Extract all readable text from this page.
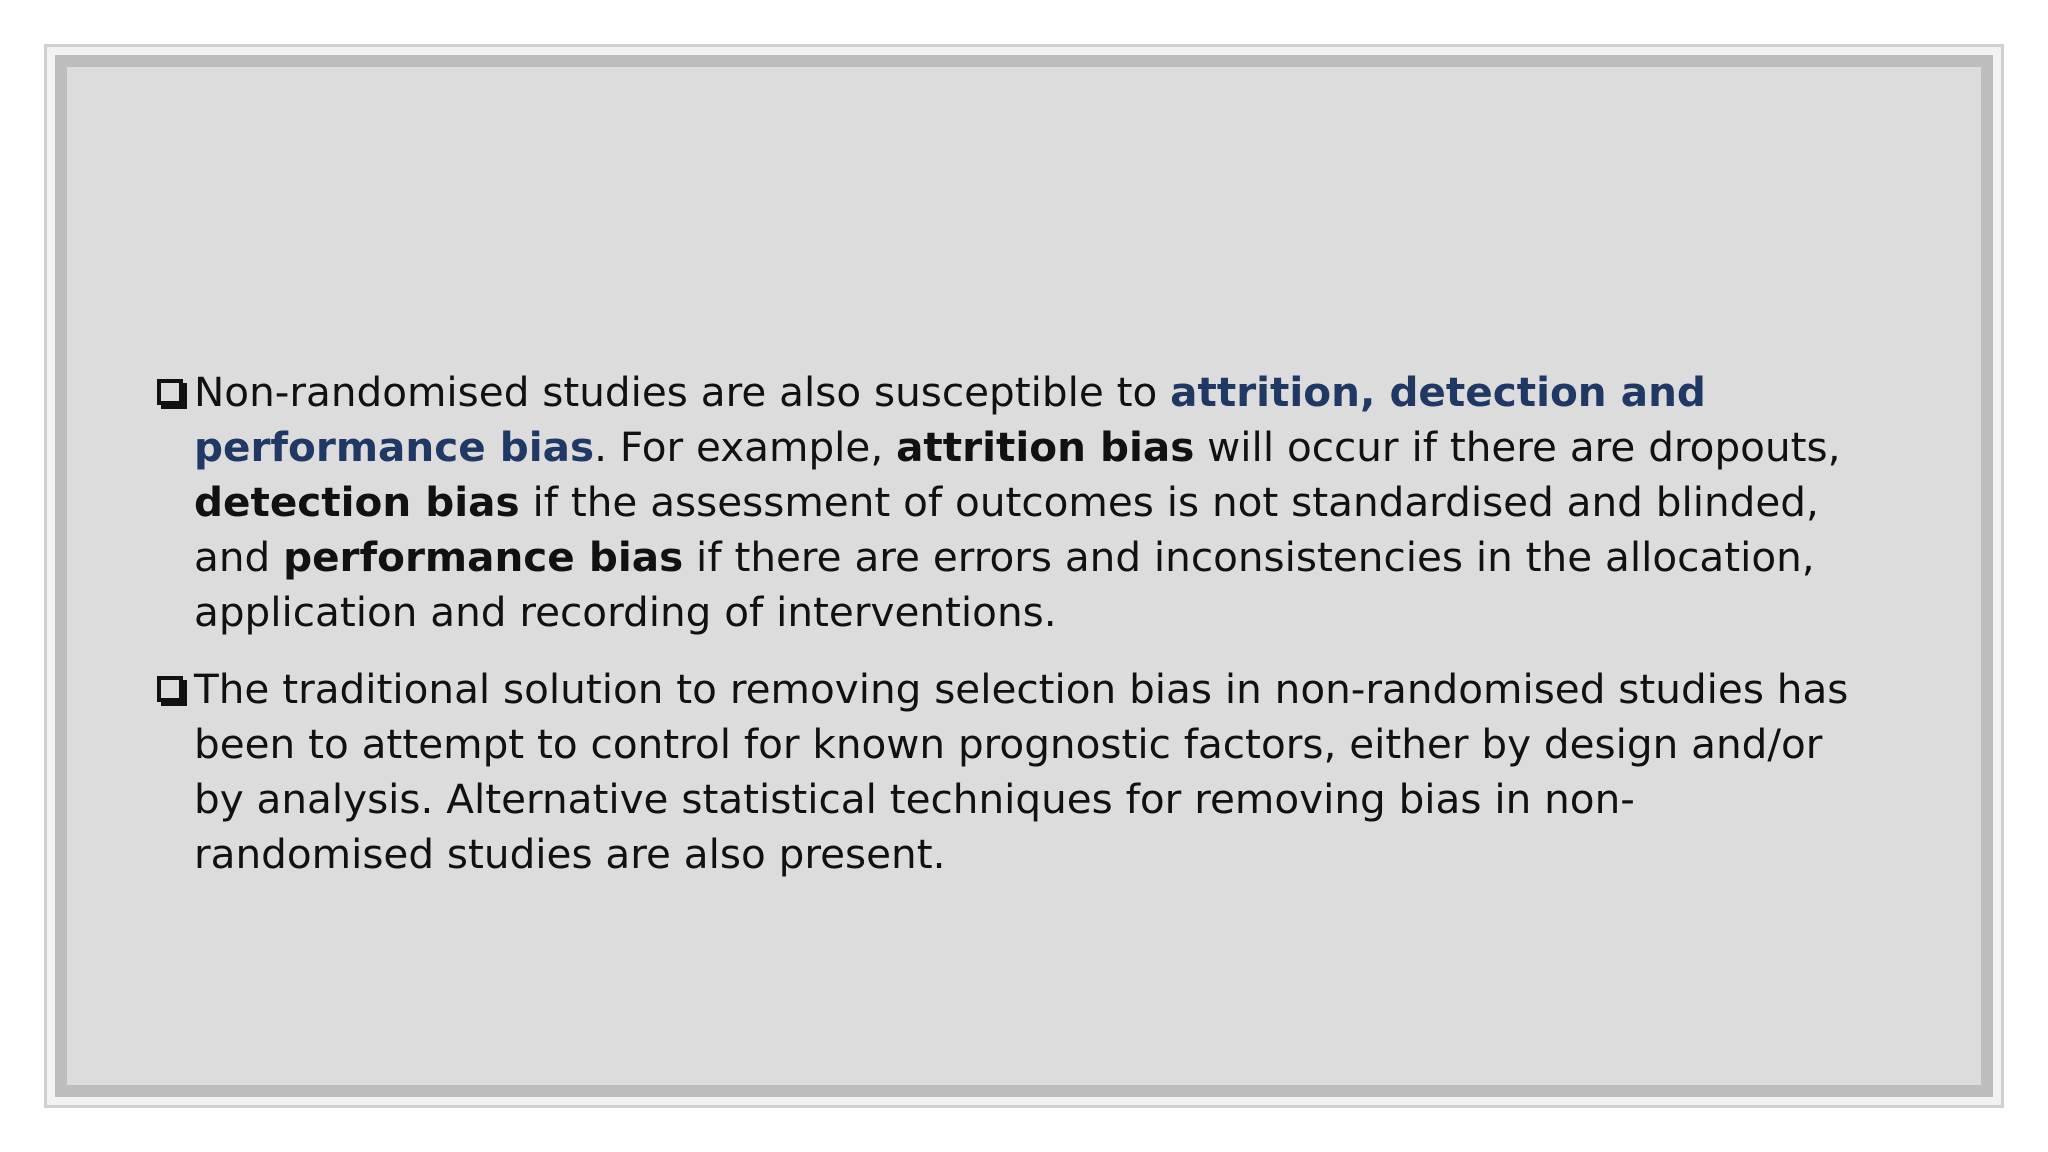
Non-randomised studies are also susceptible to attrition, detection and
performance bias. For example, attrition bias will occur if there are dropouts,
detection bias if the assessment of outcomes is not standardised and blinded,
and performance bias if there are errors and inconsistencies in the allocation,
application and recording of interventions.
The traditional solution to removing selection bias in non-randomised studies has
been to attempt to control for known prognostic factors, either by design and/or
by analysis. Alternative statistical techniques for removing bias in non-
randomised studies are also present.
